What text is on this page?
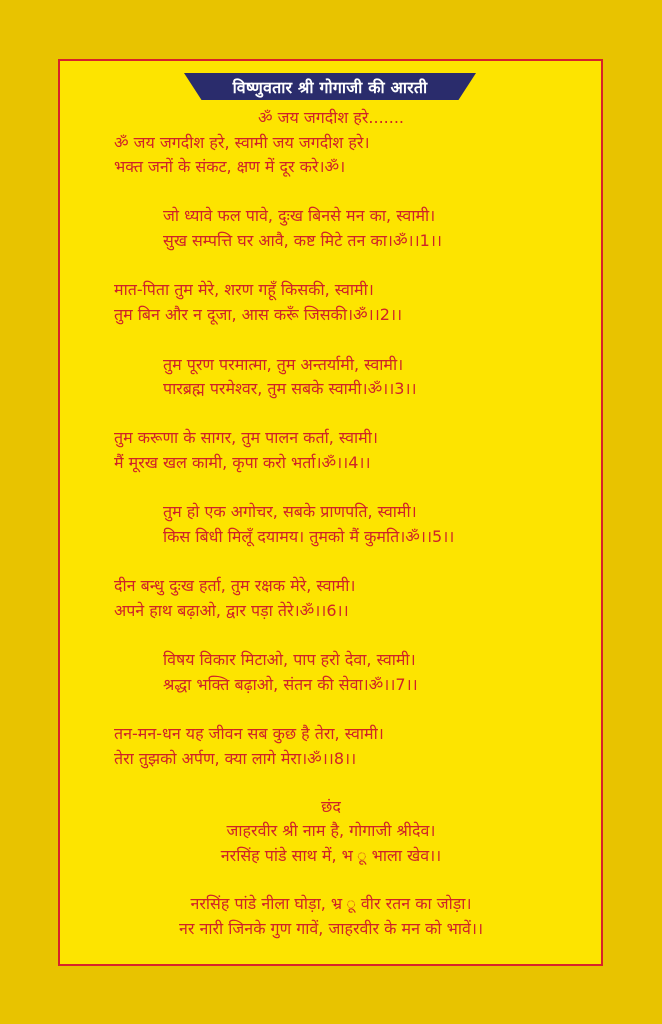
विष्णुवतार श्री गोगाजी की आरती
ॐ जय जगदीश हरे.......
ॐ जय जगदीश हरे, स्वामी जय जगदीश हरे।
भक्त जनों के संकट, क्षण में दूर करे।ॐ।
जो ध्यावे फल पावे, दुःख बिनसे मन का, स्वामी।
सुख सम्पत्ति घर आवै, कष्ट मिटे तन का।ॐ।।1।।
मात-पिता तुम मेरे, शरण गहूँ किसकी, स्वामी।
तुम बिन और न दूजा, आस करूँ जिसकी।ॐ।।2।।
तुम पूरण परमात्मा, तुम अन्तर्यामी, स्वामी।
पारब्रह्म परमेश्वर, तुम सबके स्वामी।ॐ।।3।।
तुम करूणा के सागर, तुम पालन कर्ता, स्वामी।
मैं मूरख खल कामी, कृपा करो भर्ता।ॐ।।4।।
तुम हो एक अगोचर, सबके प्राणपति, स्वामी।
किस बिधी मिलूँ दयामय। तुमको मैं कुमति।ॐ।।5।।
दीन बन्धु दुःख हर्ता, तुम रक्षक मेरे, स्वामी।
अपने हाथ बढ़ाओ, द्वार पड़ा तेरे।ॐ।।6।।
विषय विकार मिटाओ, पाप हरो देवा, स्वामी।
श्रद्धा भक्ति बढ़ाओ, संतन की सेवा।ॐ।।7।।
तन-मन-धन यह जीवन सब कुछ है तेरा, स्वामी।
तेरा तुझको अर्पण, क्या लागे मेरा।ॐ।।8।।
छंद
जाहरवीर श्री नाम है, गोगाजी श्रीदेव।
नरसिंह पांडे साथ में, भ ू भाला खेव।।
नरसिंह पांडे नीला घोड़ा, भ्र ू वीर रतन का जोड़ा।
नर नारी जिनके गुण गावें, जाहरवीर के मन को भावें।।
